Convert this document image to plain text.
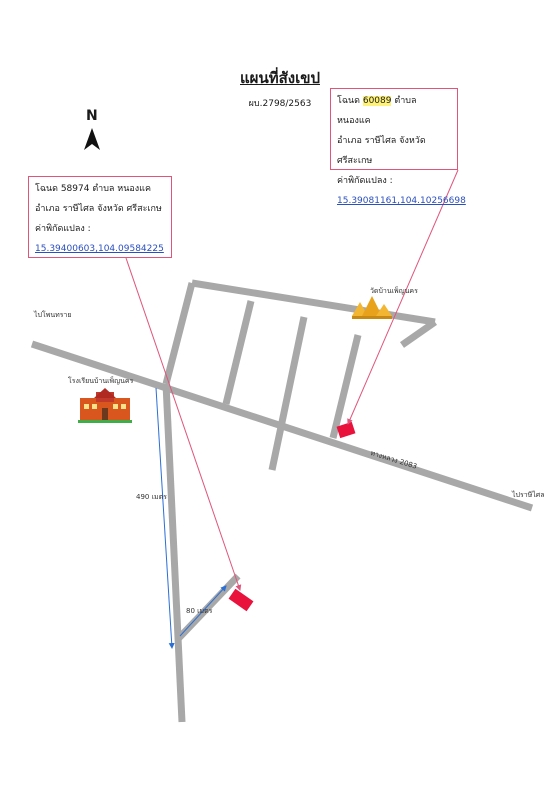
แผนที่สังเขป
ผบ.2798/2563
N
โฉนด 60089 ตำบล หนองแค
อำเภอ ราษีไศล จังหวัด ศรีสะเกษ
ค่าพิกัดแปลง :
15.39081161,104.10256698
โฉนด 58974 ตำบล หนองแค
อำเภอ ราษีไศล จังหวัด ศรีสะเกษ
ค่าพิกัดแปลง :
15.39400603,104.09584225
ไปโพนทราย
โรงเรียนบ้านเพ็ญนคร
วัดบ้านเพ็ญนคร
ทางหลวง 2083
ไปราษีไศล
490 เมตร
80 เมตร
